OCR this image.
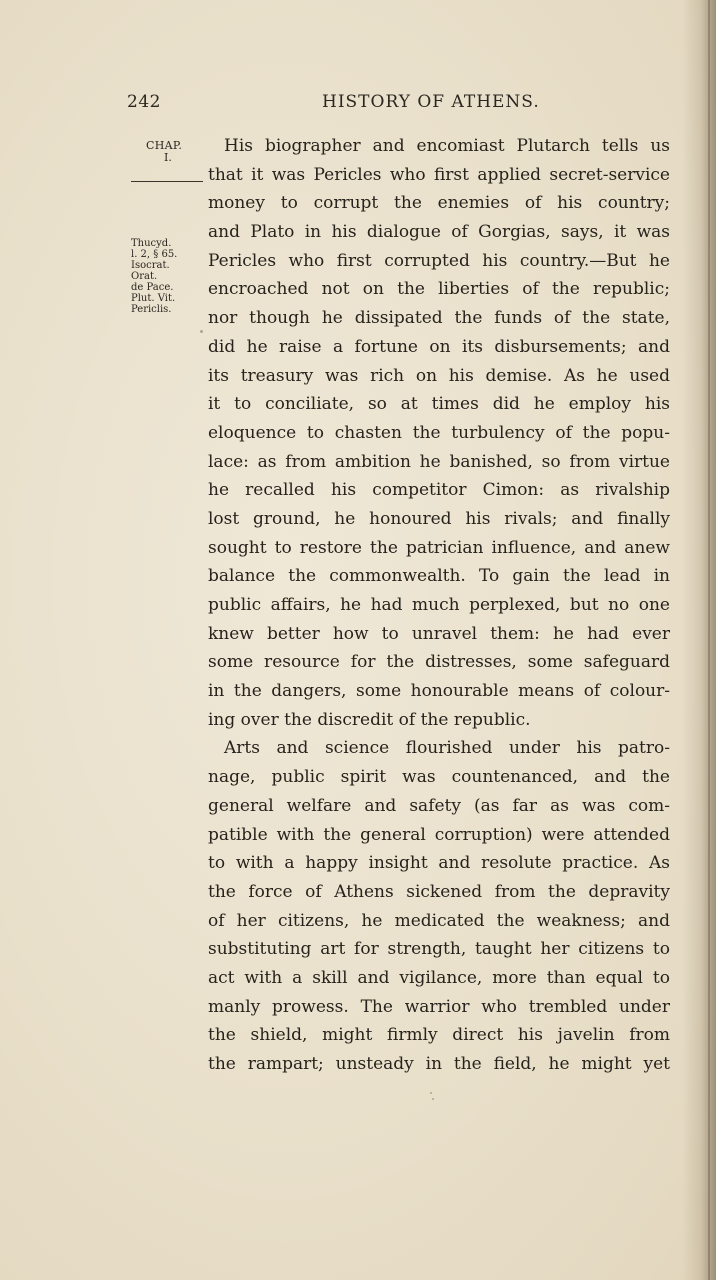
242	HISTORY OF ATHENS.
CHAP.
I.
Thucyd.
l. 2, § 65.
Isocrat.
Orat.
de Pace.
Plut. Vit.
Periclis.
His biographer and encomiast Plutarch tells us
that it was Pericles who first applied secret-service
money to corrupt the enemies of his country;
and Plato in his dialogue of Gorgias, says, it was
Pericles who first corrupted his country.—But he
encroached not on the liberties of the republic;
nor though he dissipated the funds of the state,
did he raise a fortune on its disbursements; and
its treasury was rich on his demise. As he used
it to conciliate, so at times did he employ his
eloquence to chasten the turbulency of the popu-
lace: as from ambition he banished, so from virtue
he recalled his competitor Cimon: as rivalship
lost ground, he honoured his rivals; and finally
sought to restore the patrician influence, and anew
balance the commonwealth. To gain the lead in
public affairs, he had much perplexed, but no one
knew better how to unravel them: he had ever
some resource for the distresses, some safeguard
in the dangers, some honourable means of colour-
ing over the discredit of the republic.
Arts and science flourished under his patro-
nage, public spirit was countenanced, and the
general welfare and safety (as far as was com-
patible with the general corruption) were attended
to with a happy insight and resolute practice. As
the force of Athens sickened from the depravity
of her citizens, he medicated the weakness; and
substituting art for strength, taught her citizens to
act with a skill and vigilance, more than equal to
manly prowess. The warrior who trembled under
the shield, might firmly direct his javelin from
the rampart; unsteady in the field, he might yet
